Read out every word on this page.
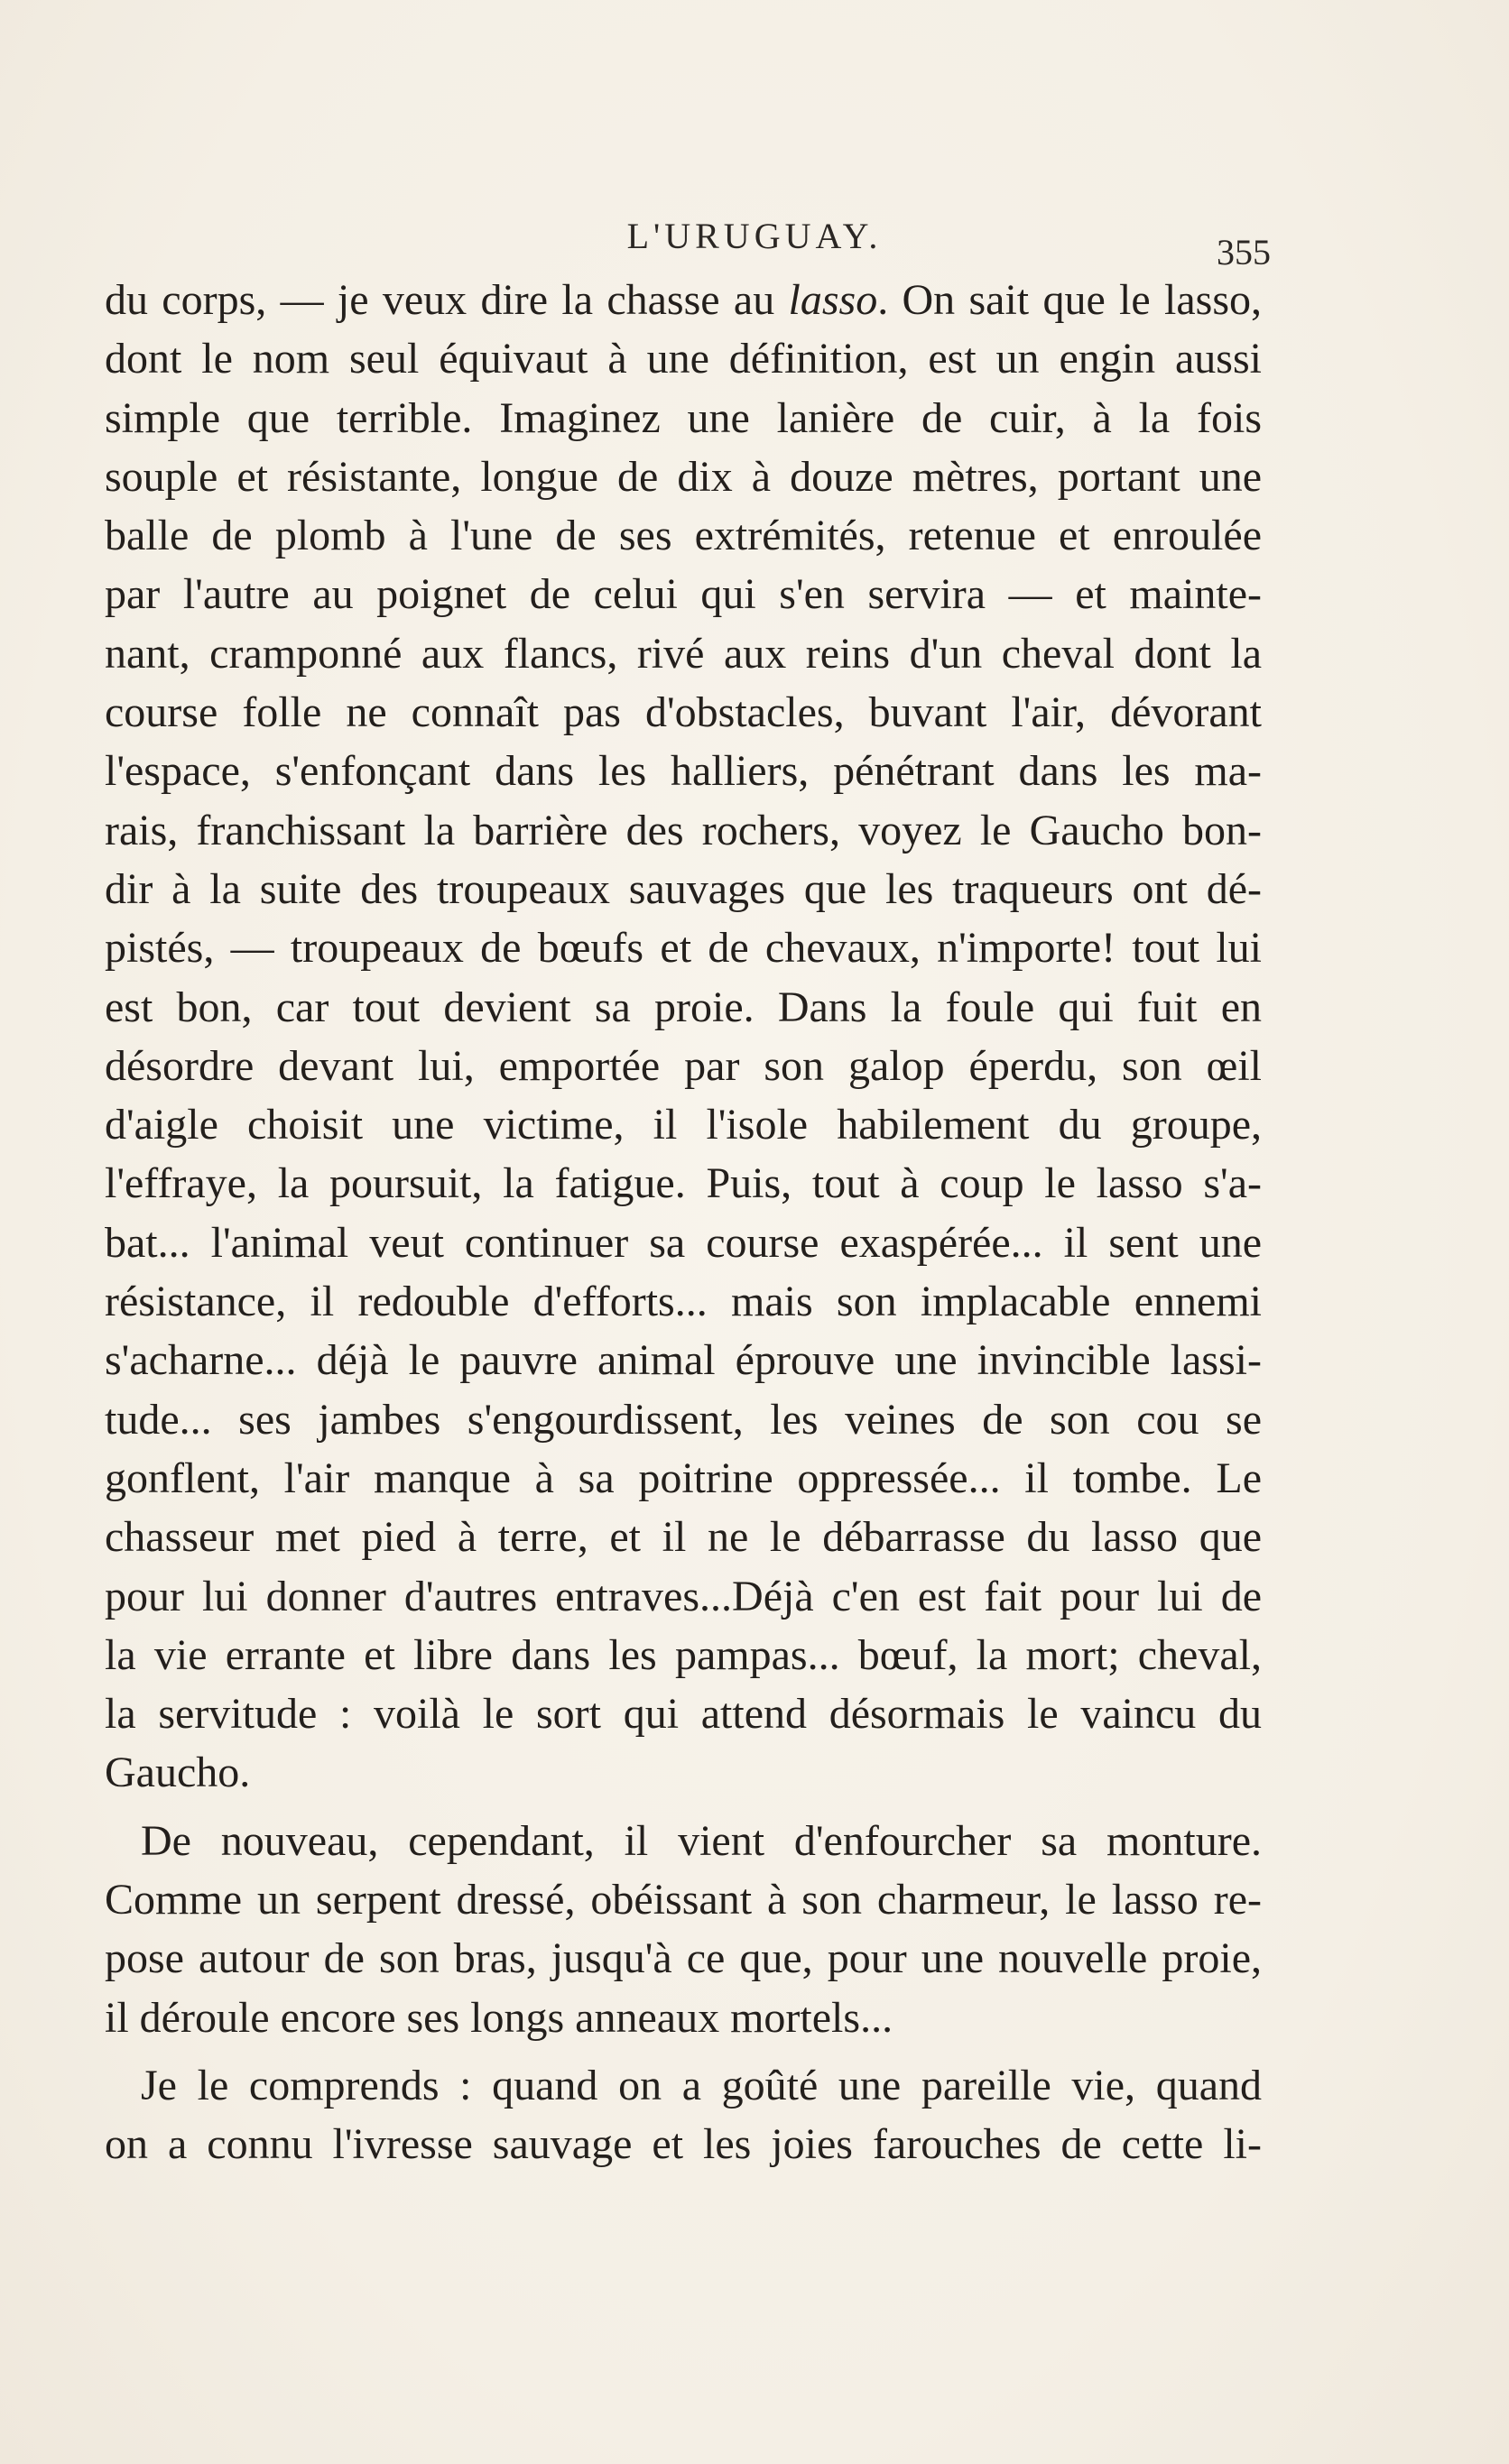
L'URUGUAY.	355
du corps, — je veux dire la chasse au lasso. On sait que le lasso,
dont le nom seul équivaut à une définition, est un engin aussi
simple que terrible. Imaginez une lanière de cuir, à la fois
souple et résistante, longue de dix à douze mètres, portant une
balle de plomb à l'une de ses extrémités, retenue et enroulée
par l'autre au poignet de celui qui s'en servira — et mainte-
nant, cramponné aux flancs, rivé aux reins d'un cheval dont la
course folle ne connaît pas d'obstacles, buvant l'air, dévorant
l'espace, s'enfonçant dans les halliers, pénétrant dans les ma-
rais, franchissant la barrière des rochers, voyez le Gaucho bon-
dir à la suite des troupeaux sauvages que les traqueurs ont dé-
pistés, — troupeaux de bœufs et de chevaux, n'importe! tout lui
est bon, car tout devient sa proie. Dans la foule qui fuit en
désordre devant lui, emportée par son galop éperdu, son œil
d'aigle choisit une victime, il l'isole habilement du groupe,
l'effraye, la poursuit, la fatigue. Puis, tout à coup le lasso s'a-
bat... l'animal veut continuer sa course exaspérée... il sent une
résistance, il redouble d'efforts... mais son implacable ennemi
s'acharne... déjà le pauvre animal éprouve une invincible lassi-
tude... ses jambes s'engourdissent, les veines de son cou se
gonflent, l'air manque à sa poitrine oppressée... il tombe. Le
chasseur met pied à terre, et il ne le débarrasse du lasso que
pour lui donner d'autres entraves...Déjà c'en est fait pour lui de
la vie errante et libre dans les pampas... bœuf, la mort; cheval,
la servitude : voilà le sort qui attend désormais le vaincu du
Gaucho.
De nouveau, cependant, il vient d'enfourcher sa monture.
Comme un serpent dressé, obéissant à son charmeur, le lasso re-
pose autour de son bras, jusqu'à ce que, pour une nouvelle proie,
il déroule encore ses longs anneaux mortels...
Je le comprends : quand on a goûté une pareille vie, quand
on a connu l'ivresse sauvage et les joies farouches de cette li-
